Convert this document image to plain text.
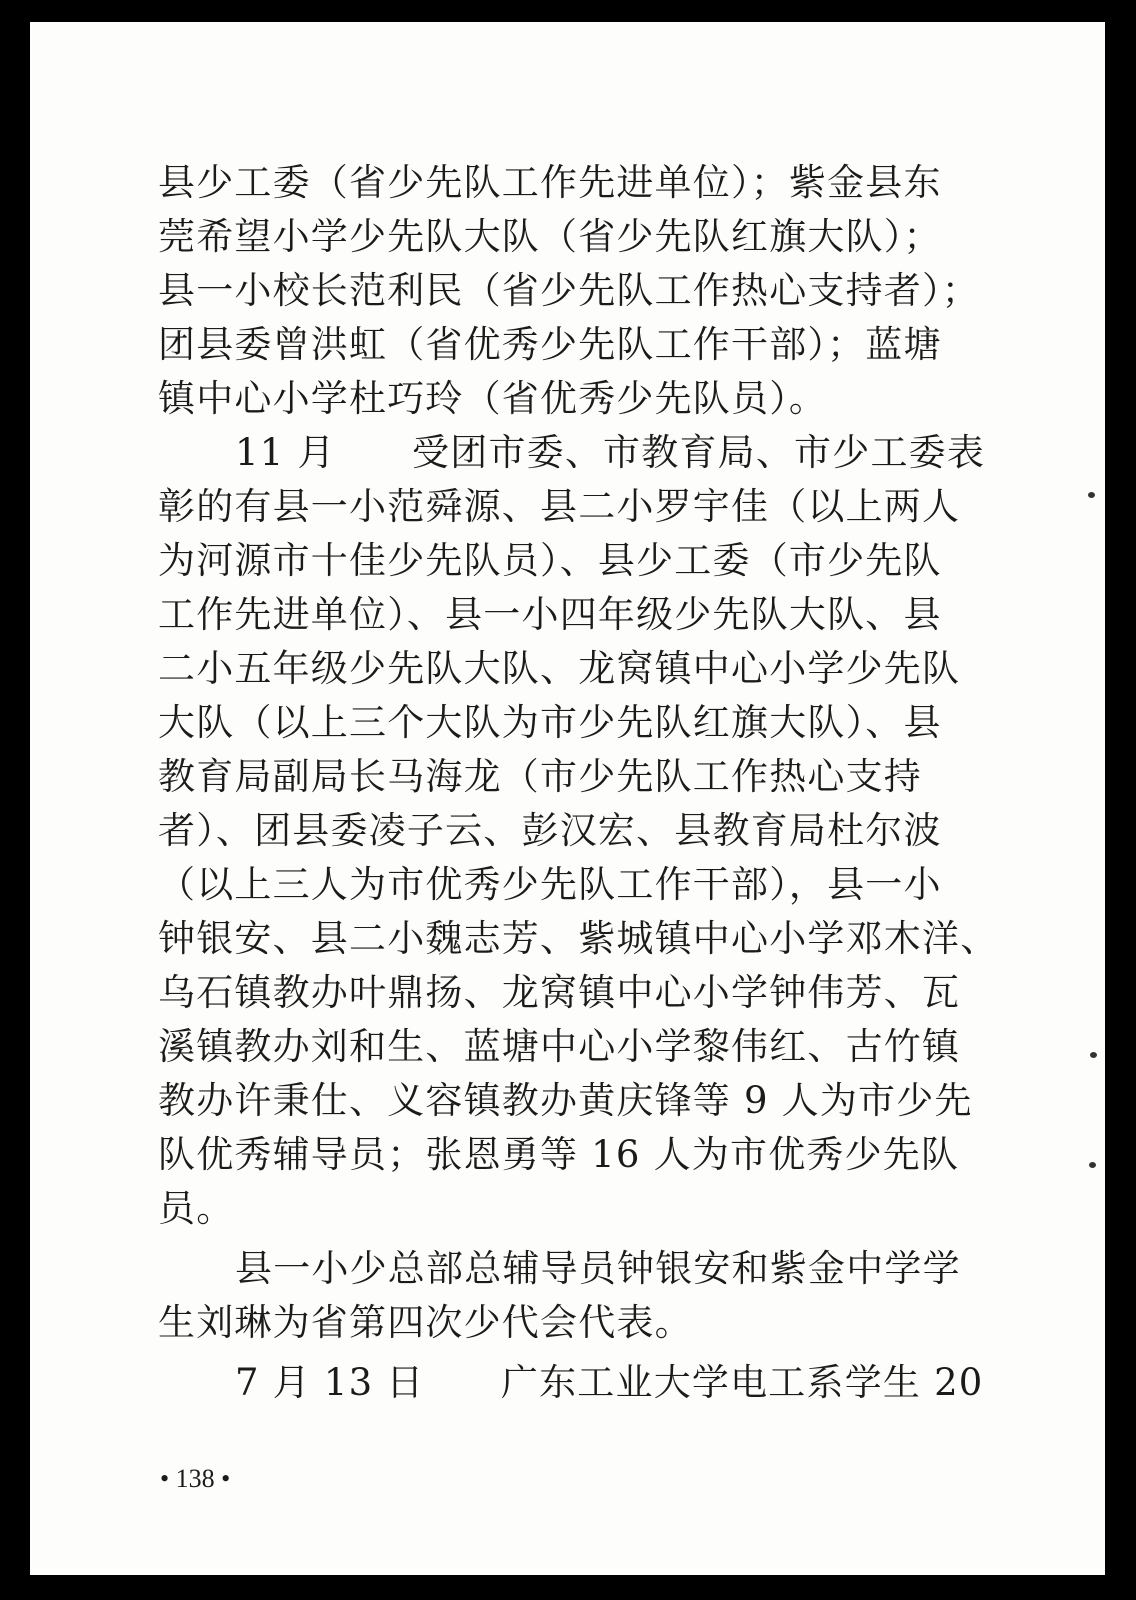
县少工委（省少先队工作先进单位）；紫金县东
莞希望小学少先队大队（省少先队红旗大队）；
县一小校长范利民（省少先队工作热心支持者）；
团县委曾洪虹（省优秀少先队工作干部）；蓝塘
镇中心小学杜巧玲（省优秀少先队员）。
11 月　　受团市委、市教育局、市少工委表
彰的有县一小范舜源、县二小罗宇佳（以上两人
为河源市十佳少先队员）、县少工委（市少先队
工作先进单位）、县一小四年级少先队大队、县
二小五年级少先队大队、龙窝镇中心小学少先队
大队（以上三个大队为市少先队红旗大队）、县
教育局副局长马海龙（市少先队工作热心支持
者）、团县委凌子云、彭汉宏、县教育局杜尔波
（以上三人为市优秀少先队工作干部），县一小
钟银安、县二小魏志芳、紫城镇中心小学邓木洋、
乌石镇教办叶鼎扬、龙窝镇中心小学钟伟芳、瓦
溪镇教办刘和生、蓝塘中心小学黎伟红、古竹镇
教办许秉仕、义容镇教办黄庆锋等 9 人为市少先
队优秀辅导员；张恩勇等 16 人为市优秀少先队
员。
县一小少总部总辅导员钟银安和紫金中学学
生刘琳为省第四次少代会代表。
7 月 13 日　　广东工业大学电工系学生 20
• 138 •
